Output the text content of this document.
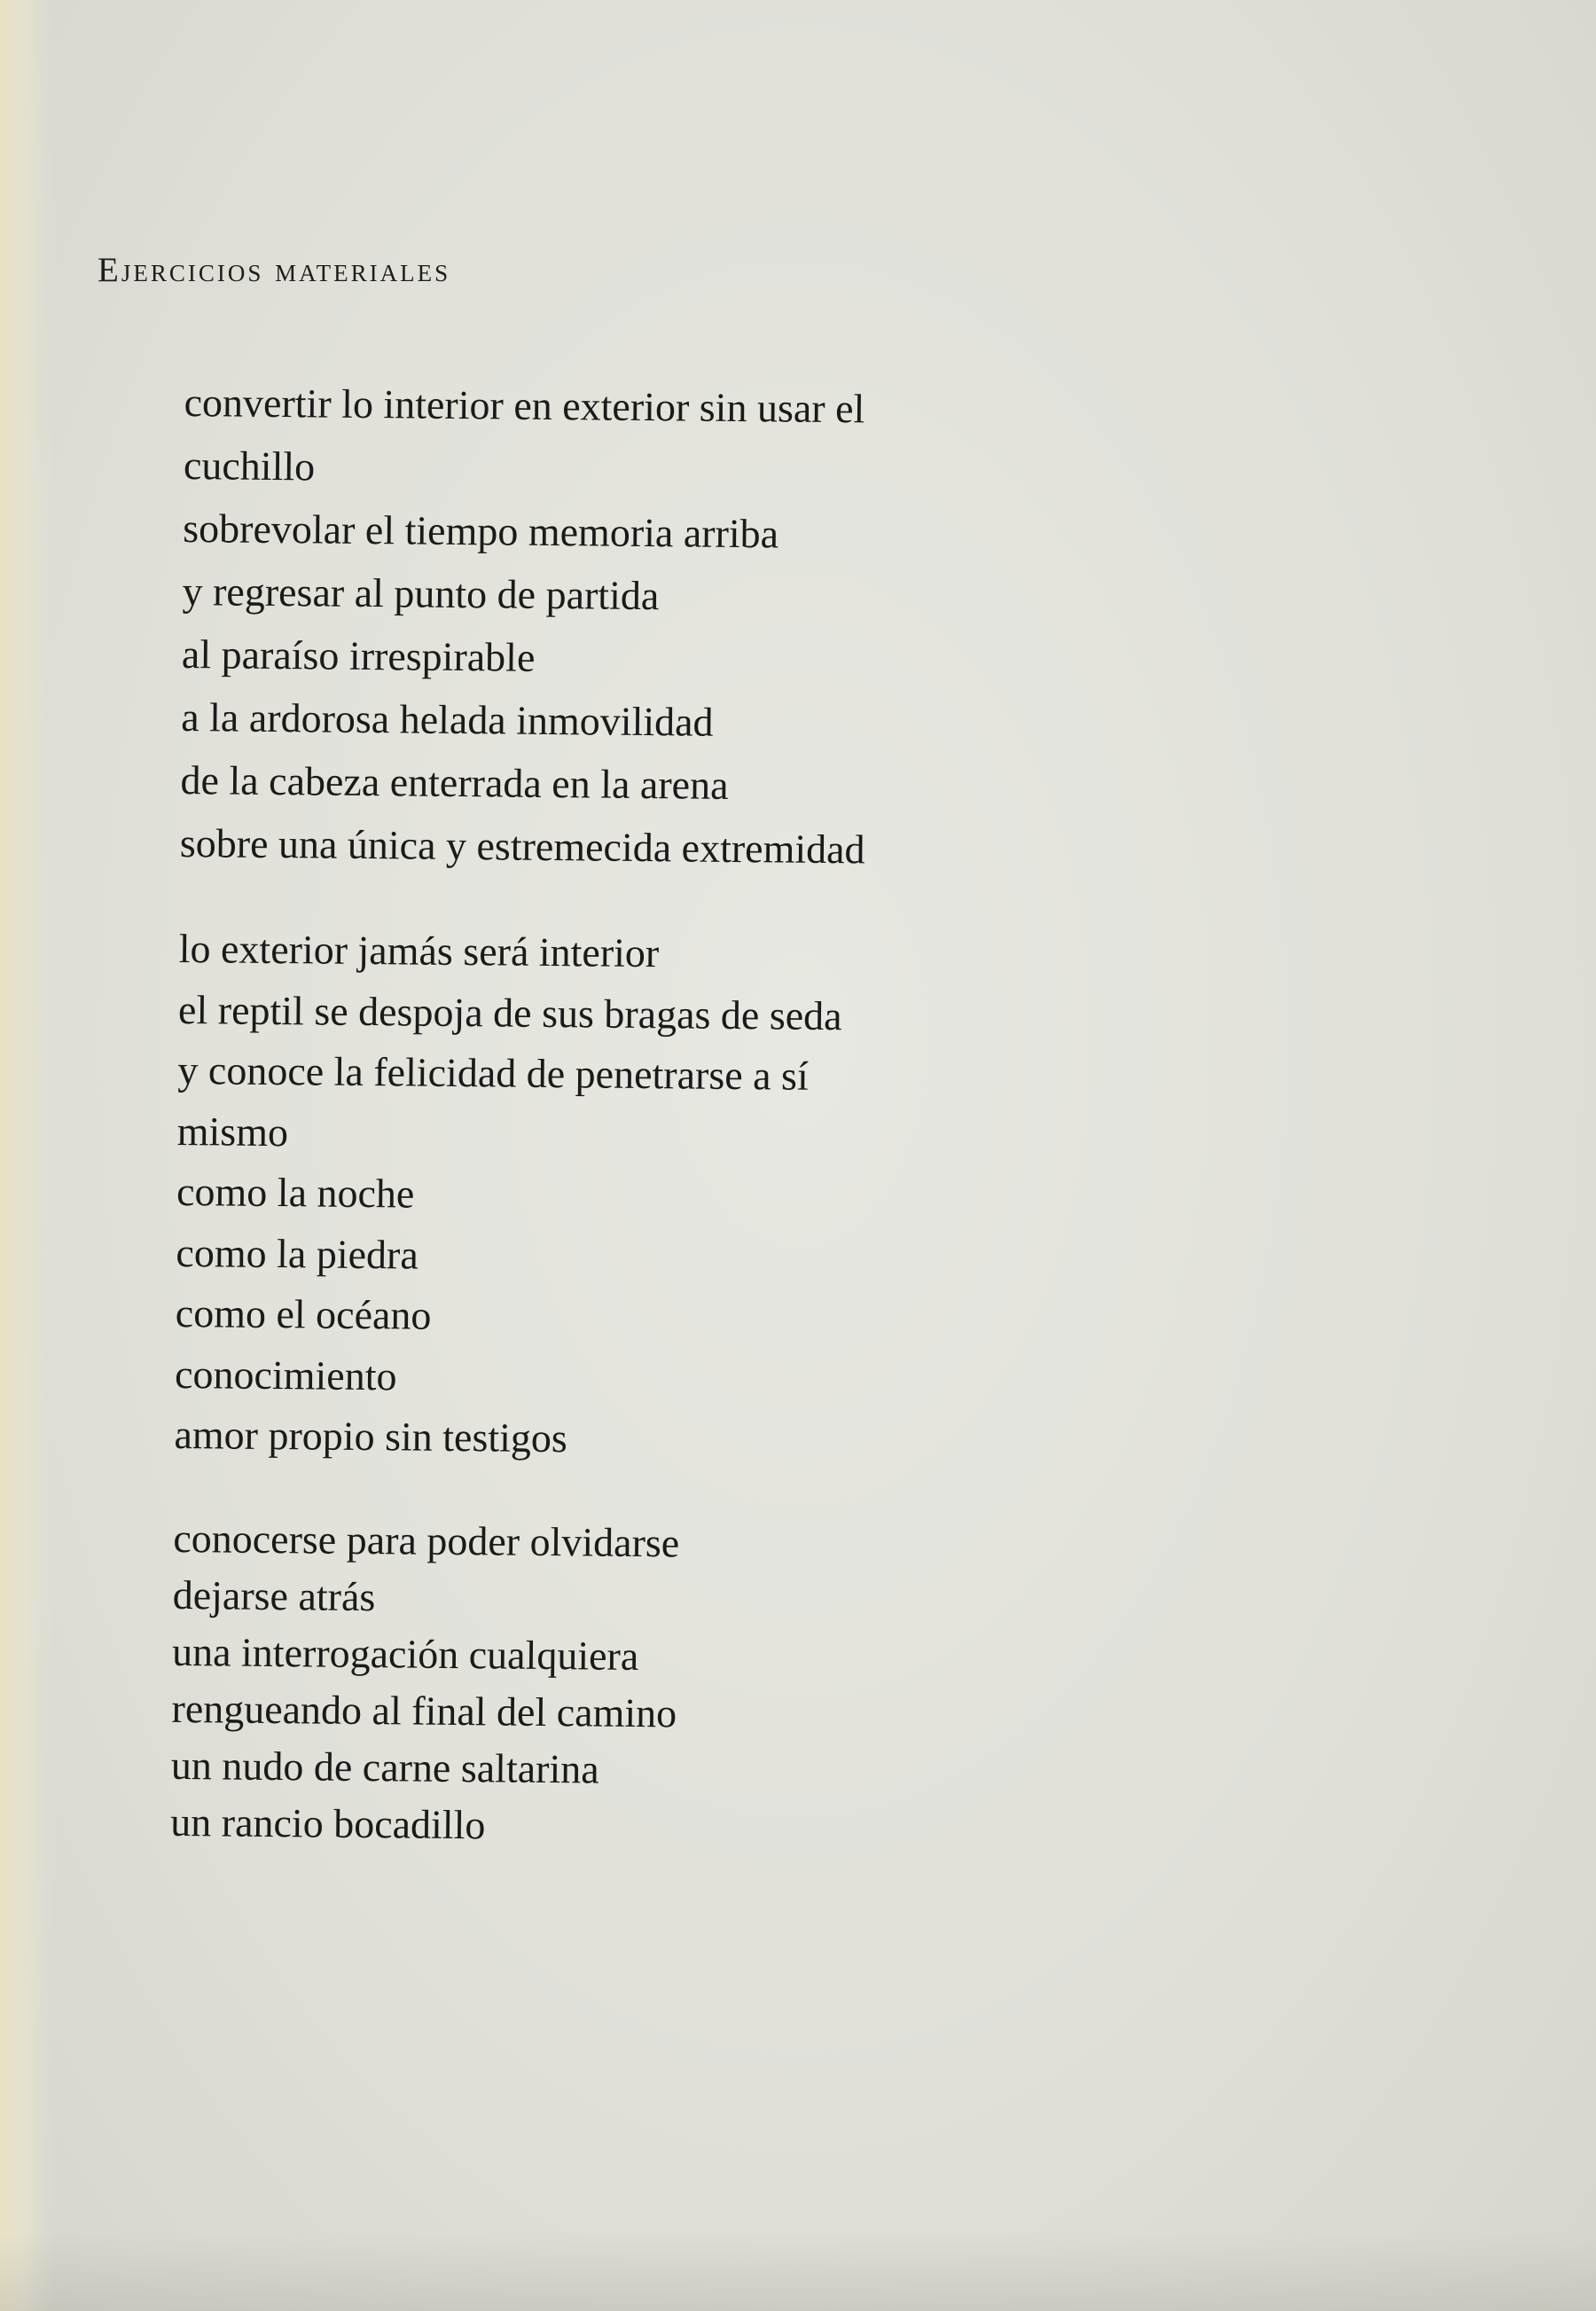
Ejercicios materiales
convertir lo interior en exterior sin usar el
cuchillo
sobrevolar el tiempo memoria arriba
y regresar al punto de partida
al paraíso irrespirable
a la ardorosa helada inmovilidad
de la cabeza enterrada en la arena
sobre una única y estremecida extremidad
lo exterior jamás será interior
el reptil se despoja de sus bragas de seda
y conoce la felicidad de penetrarse a sí
mismo
como la noche
como la piedra
como el océano
conocimiento
amor propio sin testigos
conocerse para poder olvidarse
dejarse atrás
una interrogación cualquiera
rengueando al final del camino
un nudo de carne saltarina
un rancio bocadillo
